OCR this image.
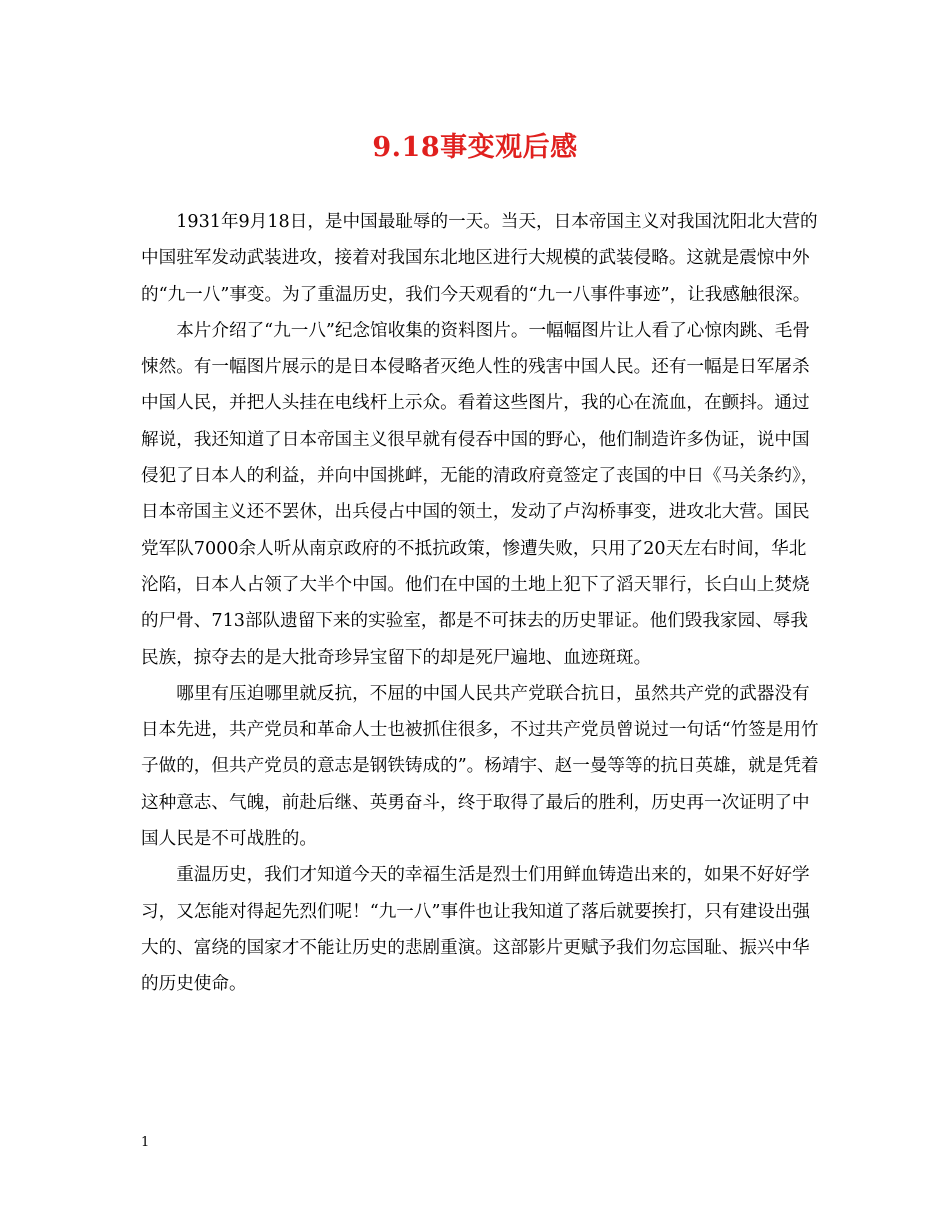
9.18事变观后感

1931年9月18日，是中国最耻辱的一天。当天，日本帝国主义对我国沈阳北大营的中国驻军发动武装进攻，接着对我国东北地区进行大规模的武装侵略。这就是震惊中外的“九一八”事变。为了重温历史，我们今天观看的“九一八事件事迹”，让我感触很深。

本片介绍了“九一八”纪念馆收集的资料图片。一幅幅图片让人看了心惊肉跳、毛骨悚然。有一幅图片展示的是日本侵略者灭绝人性的残害中国人民。还有一幅是日军屠杀中国人民，并把人头挂在电线杆上示众。看着这些图片，我的心在流血，在颤抖。通过解说，我还知道了日本帝国主义很早就有侵吞中国的野心，他们制造许多伪证，说中国侵犯了日本人的利益，并向中国挑衅，无能的清政府竟签定了丧国的中日《马关条约》，日本帝国主义还不罢休，出兵侵占中国的领土，发动了卢沟桥事变，进攻北大营。国民党军队7000余人听从南京政府的不抵抗政策，惨遭失败，只用了20天左右时间，华北沦陷，日本人占领了大半个中国。他们在中国的土地上犯下了滔天罪行，长白山上焚烧的尸骨、713部队遗留下来的实验室，都是不可抹去的历史罪证。他们毁我家园、辱我民族，掠夺去的是大批奇珍异宝留下的却是死尸遍地、血迹斑斑。

哪里有压迫哪里就反抗，不屈的中国人民共产党联合抗日，虽然共产党的武器没有日本先进，共产党员和革命人士也被抓住很多，不过共产党员曾说过一句话“竹签是用竹子做的，但共产党员的意志是钢铁铸成的”。杨靖宇、赵一曼等等的抗日英雄，就是凭着这种意志、气魄，前赴后继、英勇奋斗，终于取得了最后的胜利，历史再一次证明了中国人民是不可战胜的。

重温历史，我们才知道今天的幸福生活是烈士们用鲜血铸造出来的，如果不好好学习，又怎能对得起先烈们呢！“九一八”事件也让我知道了落后就要挨打，只有建设出强大的、富绕的国家才不能让历史的悲剧重演。这部影片更赋予我们勿忘国耻、振兴中华的历史使命。

1
